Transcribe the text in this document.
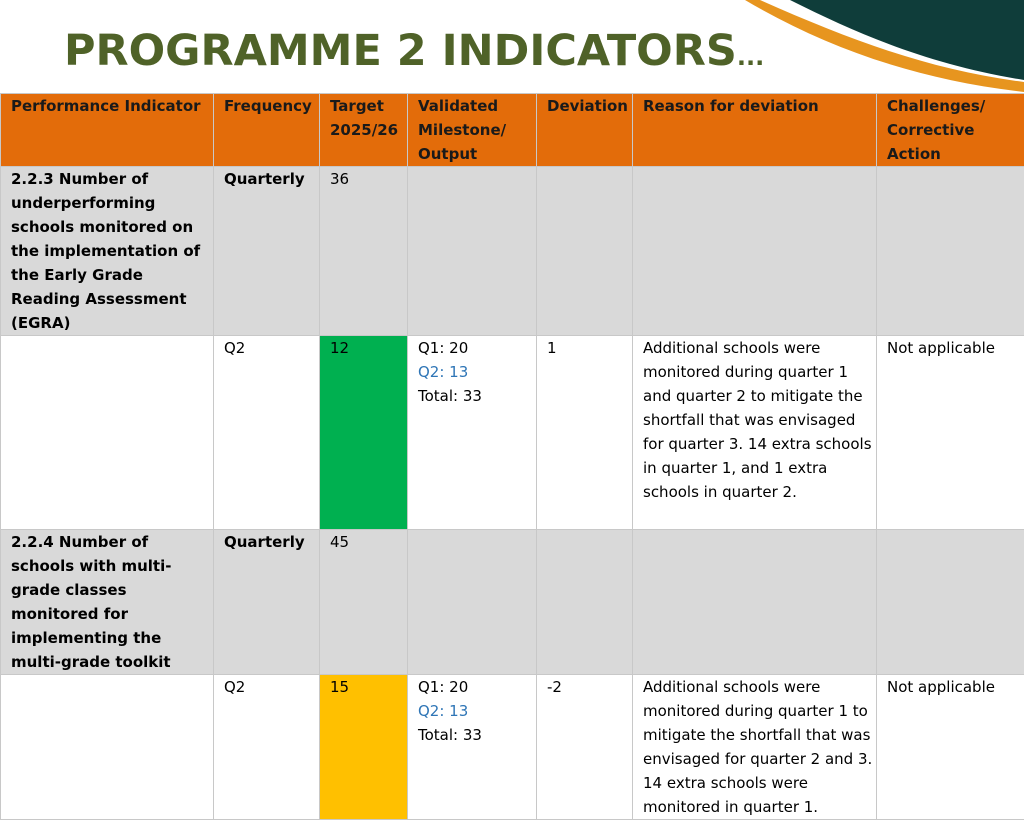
PROGRAMME 2 INDICATORS...
Performance Indicator	Frequency	Target 2025/26	Validated Milestone/ Output	Deviation	Reason for deviation	Challenges/ Corrective Action
2.2.3 Number of underperforming schools monitored on the implementation of the Early Grade Reading Assessment (EGRA)	Quarterly	36				
	Q2	12	Q1: 20
Q2: 13
Total: 33	1	Additional schools were monitored during quarter 1 and quarter 2 to mitigate the shortfall that was envisaged for quarter 3. 14 extra schools in quarter 1, and 1 extra schools in quarter 2.	Not applicable
2.2.4 Number of schools with multi-grade classes monitored for implementing the multi-grade toolkit	Quarterly	45				
	Q2	15	Q1: 20
Q2: 13
Total: 33	-2	Additional schools were monitored during quarter 1 to mitigate the shortfall that was envisaged for quarter 2 and 3. 14 extra schools were monitored in quarter 1.	Not applicable
